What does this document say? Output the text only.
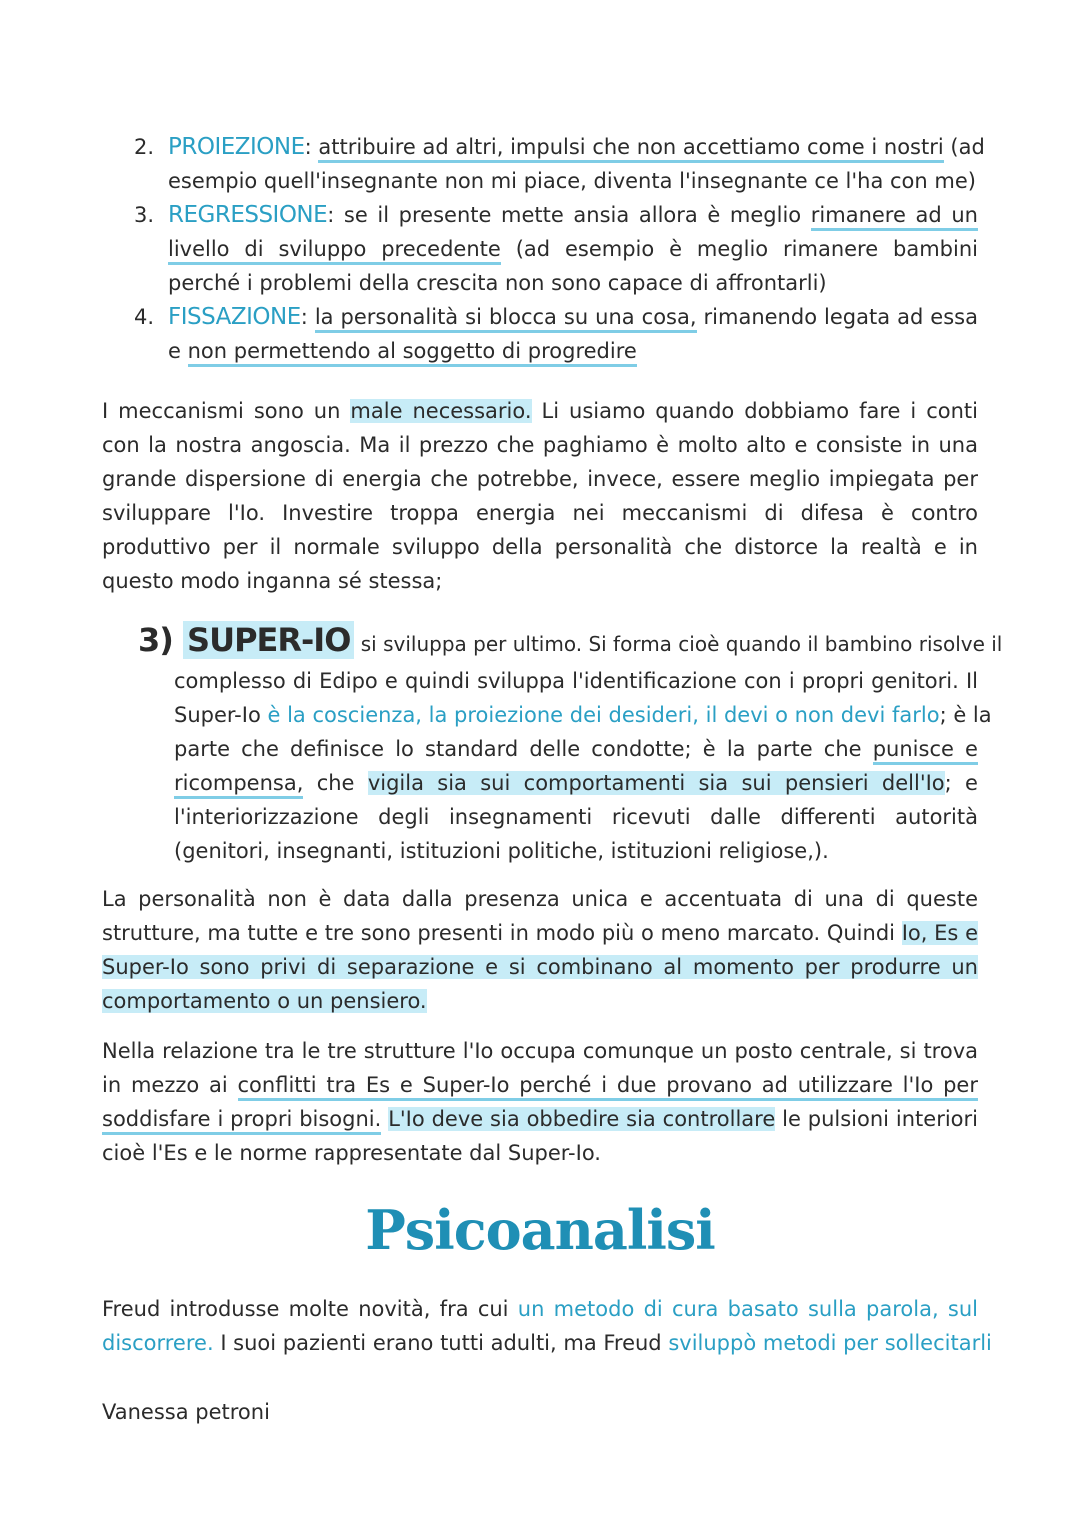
2. PROIEZIONE: attribuire ad altri, impulsi che non accettiamo come i nostri (ad
esempio quell'insegnante non mi piace, diventa l'insegnante ce l'ha con me)
3. REGRESSIONE: se il presente mette ansia allora è meglio rimanere ad un
livello di sviluppo precedente (ad esempio è meglio rimanere bambini
perché i problemi della crescita non sono capace di affrontarli)
4. FISSAZIONE: la personalità si blocca su una cosa, rimanendo legata ad essa
e non permettendo al soggetto di progredire
I meccanismi sono un male necessario. Li usiamo quando dobbiamo fare i conti
con la nostra angoscia. Ma il prezzo che paghiamo è molto alto e consiste in una
grande dispersione di energia che potrebbe, invece, essere meglio impiegata per
sviluppare l'Io. Investire troppa energia nei meccanismi di difesa è contro
produttivo per il normale sviluppo della personalità che distorce la realtà e in
questo modo inganna sé stessa;
3) SUPER-IO si sviluppa per ultimo. Si forma cioè quando il bambino risolve il
complesso di Edipo e quindi sviluppa l'identificazione con i propri genitori. Il
Super-Io è la coscienza, la proiezione dei desideri, il devi o non devi farlo; è la
parte che definisce lo standard delle condotte; è la parte che punisce e
ricompensa, che vigila sia sui comportamenti sia sui pensieri dell'Io; e
l'interiorizzazione degli insegnamenti ricevuti dalle differenti autorità
(genitori, insegnanti, istituzioni politiche, istituzioni religiose,).
La personalità non è data dalla presenza unica e accentuata di una di queste
strutture, ma tutte e tre sono presenti in modo più o meno marcato. Quindi Io, Es e
Super-Io sono privi di separazione e si combinano al momento per produrre un
comportamento o un pensiero.
Nella relazione tra le tre strutture l'Io occupa comunque un posto centrale, si trova
in mezzo ai conflitti tra Es e Super-Io perché i due provano ad utilizzare l'Io per
soddisfare i propri bisogni. L'Io deve sia obbedire sia controllare le pulsioni interiori
cioè l'Es e le norme rappresentate dal Super-Io.
Psicoanalisi
Freud introdusse molte novità, fra cui un metodo di cura basato sulla parola, sul
discorrere. I suoi pazienti erano tutti adulti, ma Freud sviluppò metodi per sollecitarli
Vanessa petroni
